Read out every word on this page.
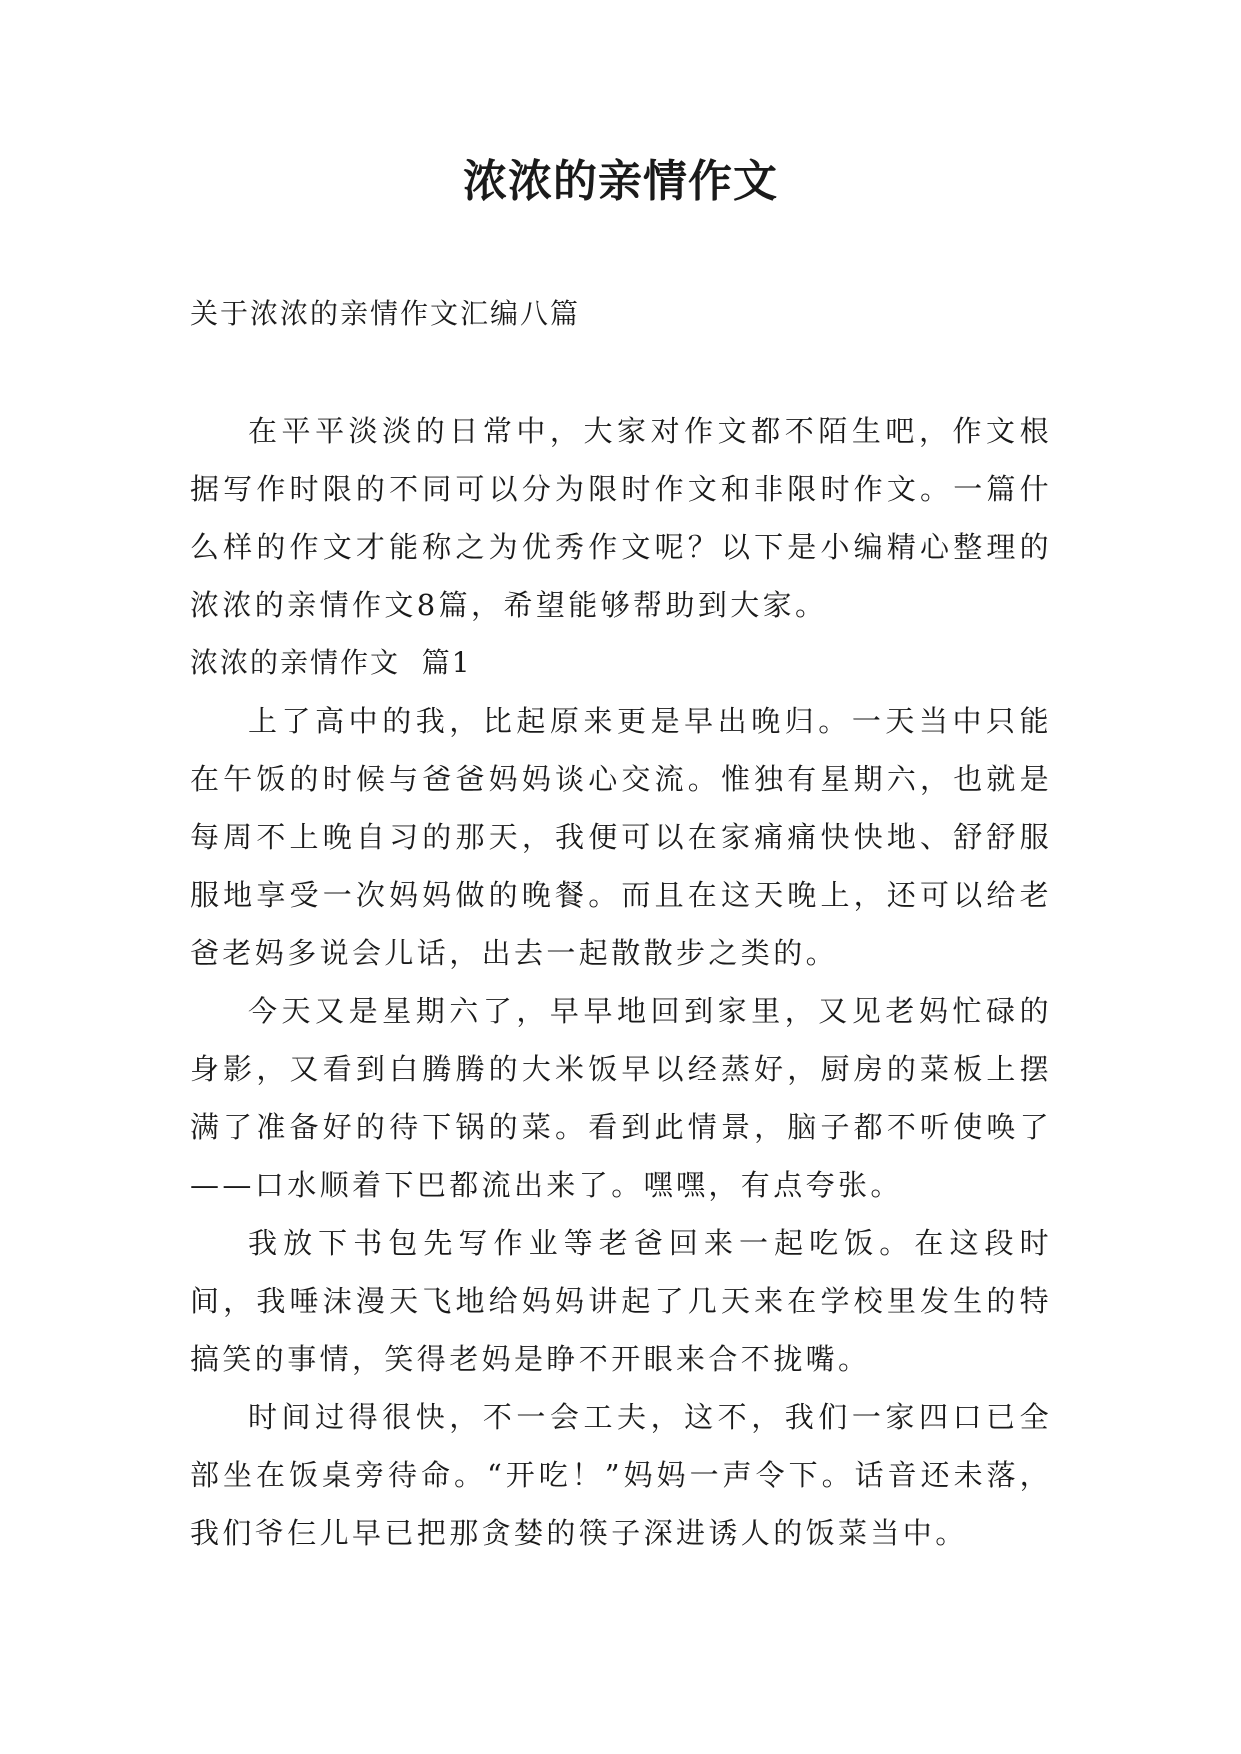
浓浓的亲情作文

关于浓浓的亲情作文汇编八篇

在平平淡淡的日常中，大家对作文都不陌生吧，作文根据写作时限的不同可以分为限时作文和非限时作文。一篇什么样的作文才能称之为优秀作文呢？以下是小编精心整理的浓浓的亲情作文8篇，希望能够帮助到大家。

浓浓的亲情作文  篇1

上了高中的我，比起原来更是早出晚归。一天当中只能在午饭的时候与爸爸妈妈谈心交流。惟独有星期六，也就是每周不上晚自习的那天，我便可以在家痛痛快快地、舒舒服服地享受一次妈妈做的晚餐。而且在这天晚上，还可以给老爸老妈多说会儿话，出去一起散散步之类的。

今天又是星期六了，早早地回到家里，又见老妈忙碌的身影，又看到白腾腾的大米饭早以经蒸好，厨房的菜板上摆满了准备好的待下锅的菜。看到此情景，脑子都不听使唤了——口水顺着下巴都流出来了。嘿嘿，有点夸张。

我放下书包先写作业等老爸回来一起吃饭。在这段时间，我唾沫漫天飞地给妈妈讲起了几天来在学校里发生的特搞笑的事情，笑得老妈是睁不开眼来合不拢嘴。

时间过得很快，不一会工夫，这不，我们一家四口已全部坐在饭桌旁待命。“开吃！”妈妈一声令下。话音还未落，我们爷仨儿早已把那贪婪的筷子深进诱人的饭菜当中。
